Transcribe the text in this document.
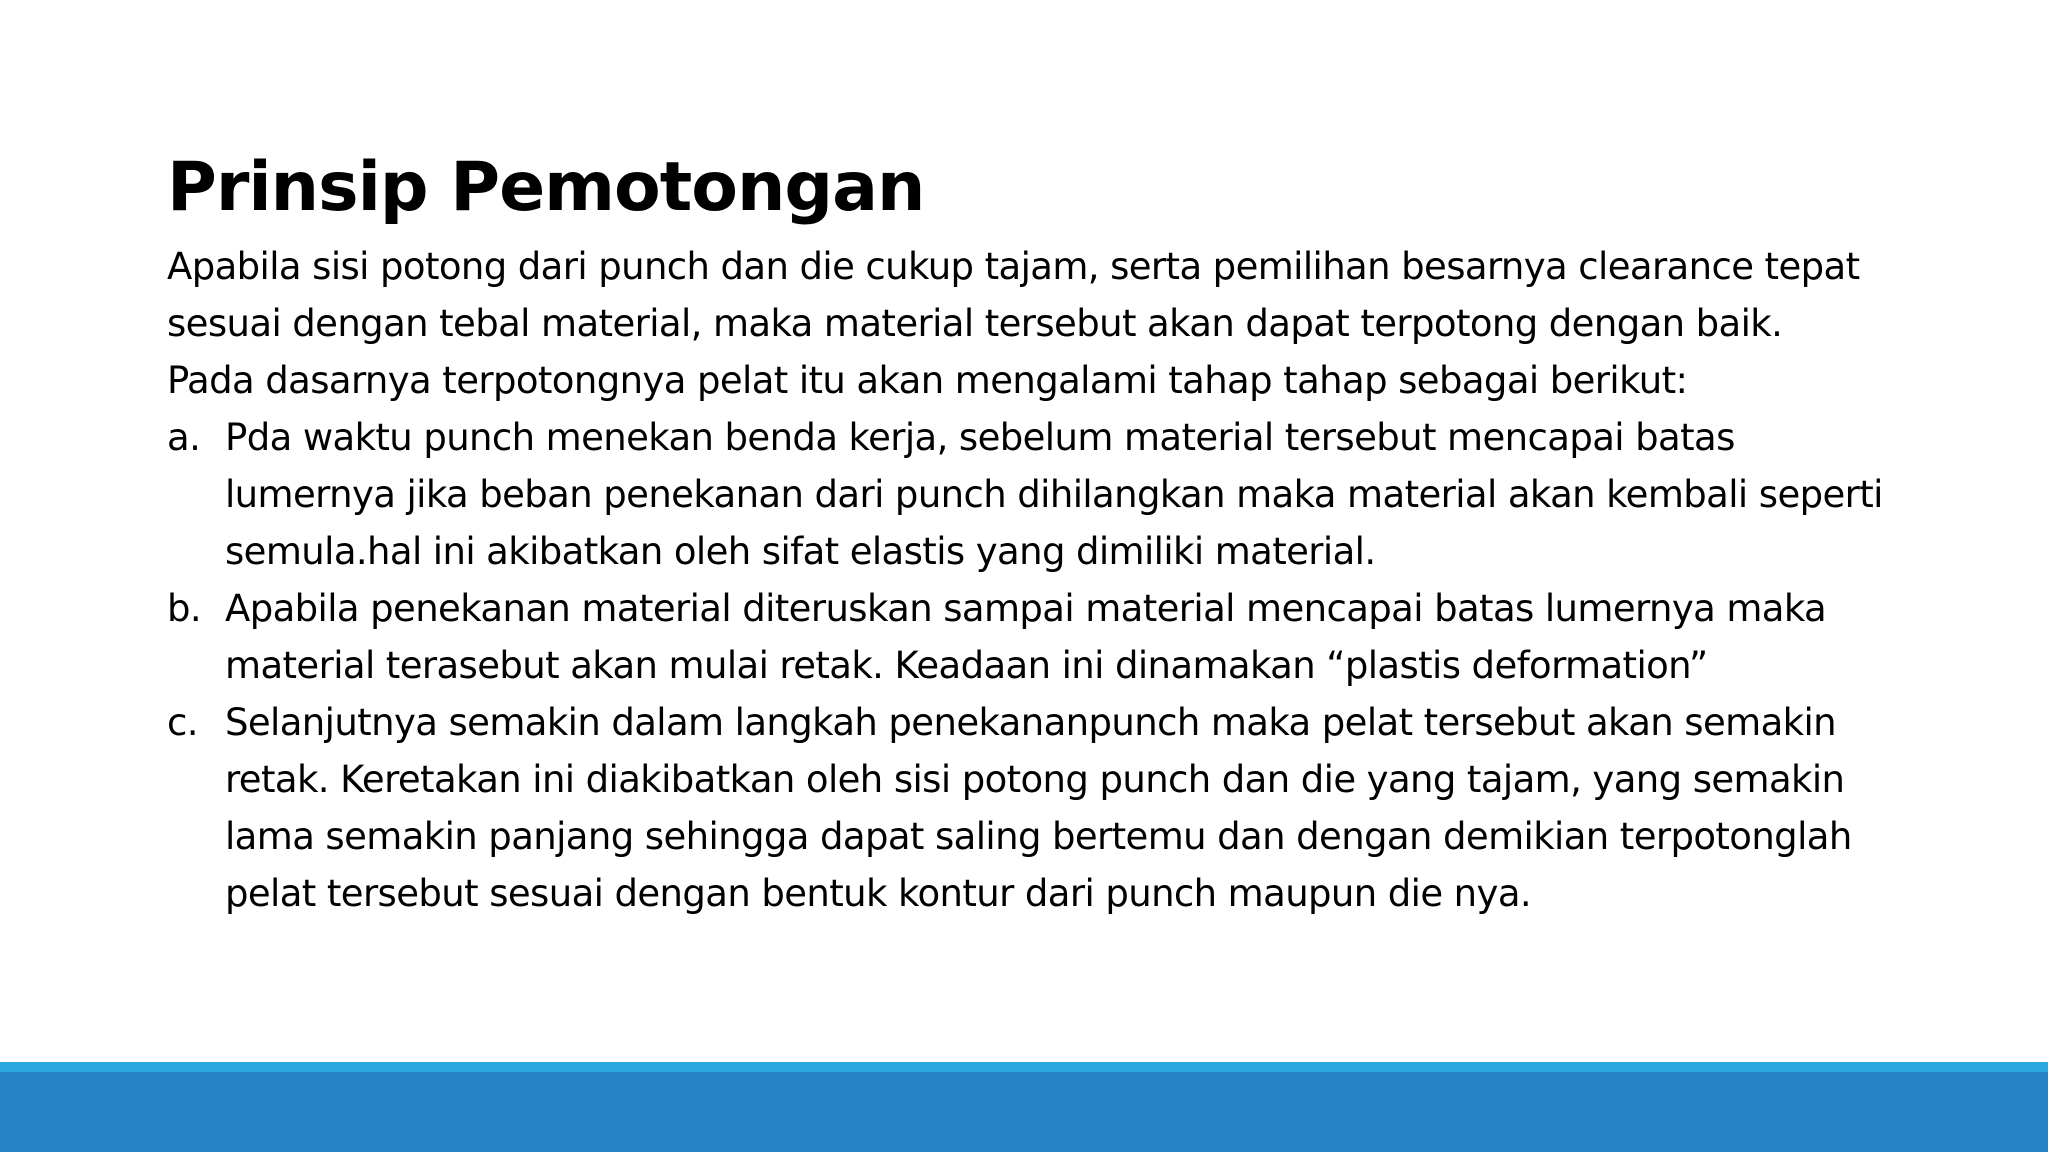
Prinsip Pemotongan

Apabila sisi potong dari punch dan die cukup tajam, serta pemilihan besarnya clearance tepat
sesuai dengan tebal material, maka material tersebut akan dapat terpotong dengan baik.
Pada dasarnya terpotongnya pelat itu akan mengalami tahap tahap sebagai berikut:

a. Pda waktu punch menekan benda kerja, sebelum material tersebut mencapai batas
lumernya jika beban penekanan dari punch dihilangkan maka material akan kembali seperti
semula.hal ini akibatkan oleh sifat elastis yang dimiliki material.
b. Apabila penekanan material diteruskan sampai material mencapai batas lumernya maka
material terasebut akan mulai retak. Keadaan ini dinamakan “plastis deformation”
c. Selanjutnya semakin dalam langkah penekananpunch maka pelat tersebut akan semakin
retak. Keretakan ini diakibatkan oleh sisi potong punch dan die yang tajam, yang semakin
lama semakin panjang sehingga dapat saling bertemu dan dengan demikian terpotonglah
pelat tersebut sesuai dengan bentuk kontur dari punch maupun die nya.
